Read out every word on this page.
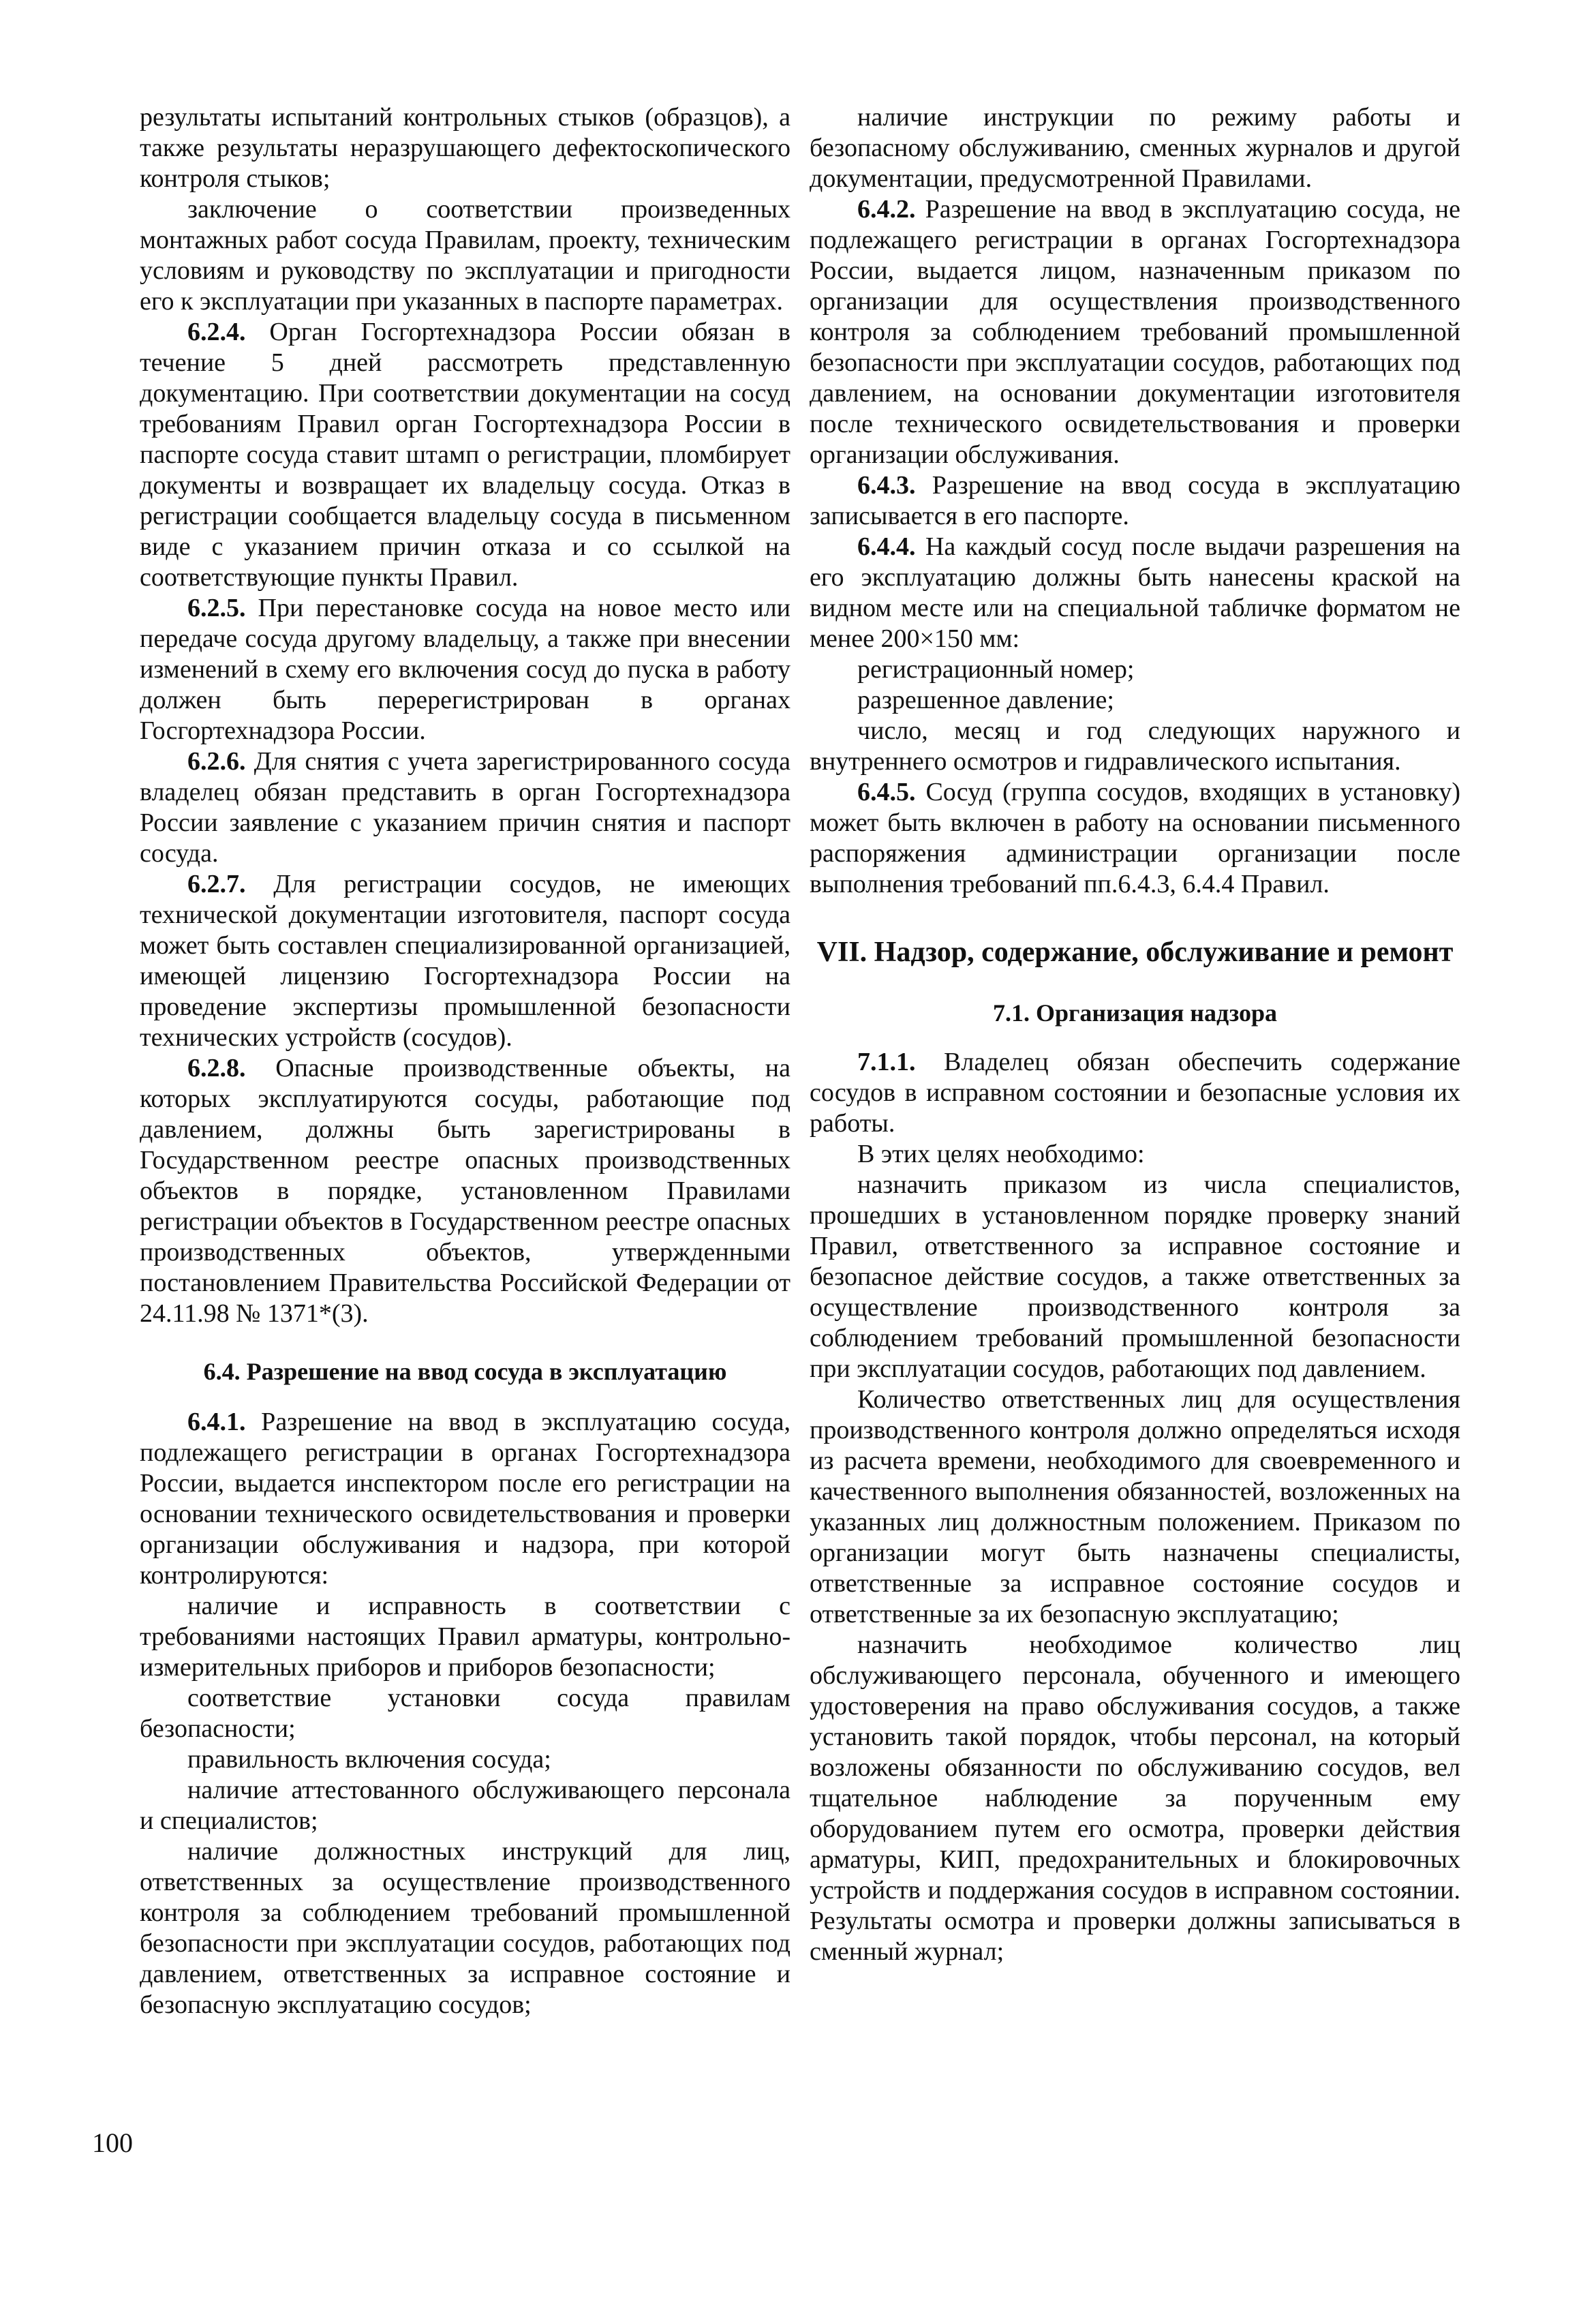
результаты испытаний контрольных стыков (образцов), а также результаты неразрушающего дефектоскопического контроля стыков;

заключение о соответствии произведенных монтажных работ сосуда Правилам, проекту, техническим условиям и руководству по эксплуатации и пригодности его к эксплуатации при указанных в паспорте параметрах.

6.2.4. Орган Госгортехнадзора России обязан в течение 5 дней рассмотреть представленную документацию. При соответствии документации на сосуд требованиям Правил орган Госгортехнадзора России в паспорте сосуда ставит штамп о регистрации, пломбирует документы и возвращает их владельцу сосуда. Отказ в регистрации сообщается владельцу сосуда в письменном виде с указанием причин отказа и со ссылкой на соответствующие пункты Правил.

6.2.5. При перестановке сосуда на новое место или передаче сосуда другому владельцу, а также при внесении изменений в схему его включения сосуд до пуска в работу должен быть перерегистрирован в органах Госгортехнадзора России.

6.2.6. Для снятия с учета зарегистрированного сосуда владелец обязан представить в орган Госгортехнадзора России заявление с указанием причин снятия и паспорт сосуда.

6.2.7. Для регистрации сосудов, не имеющих технической документации изготовителя, паспорт сосуда может быть составлен специализированной организацией, имеющей лицензию Госгортехнадзора России на проведение экспертизы промышленной безопасности технических устройств (сосудов).

6.2.8. Опасные производственные объекты, на которых эксплуатируются сосуды, работающие под давлением, должны быть зарегистрированы в Государственном реестре опасных производственных объектов в порядке, установленном Правилами регистрации объектов в Государственном реестре опасных производственных объектов, утвержденными постановлением Правительства Российской Федерации от 24.11.98 № 1371*(3).

6.4. Разрешение на ввод сосуда в эксплуатацию

6.4.1. Разрешение на ввод в эксплуатацию сосуда, подлежащего регистрации в органах Госгортехнадзора России, выдается инспектором после его регистрации на основании технического освидетельствования и проверки организации обслуживания и надзора, при которой контролируются:

наличие и исправность в соответствии с требованиями настоящих Правил арматуры, контрольно-измерительных приборов и приборов безопасности;

соответствие установки сосуда правилам безопасности;

правильность включения сосуда;

наличие аттестованного обслуживающего персонала и специалистов;

наличие должностных инструкций для лиц, ответственных за осуществление производственного контроля за соблюдением требований промышленной безопасности при эксплуатации сосудов, работающих под давлением, ответственных за исправное состояние и безопасную эксплуатацию сосудов;

наличие инструкции по режиму работы и безопасному обслуживанию, сменных журналов и другой документации, предусмотренной Правилами.

6.4.2. Разрешение на ввод в эксплуатацию сосуда, не подлежащего регистрации в органах Госгортехнадзора России, выдается лицом, назначенным приказом по организации для осуществления производственного контроля за соблюдением требований промышленной безопасности при эксплуатации сосудов, работающих под давлением, на основании документации изготовителя после технического освидетельствования и проверки организации обслуживания.

6.4.3. Разрешение на ввод сосуда в эксплуатацию записывается в его паспорте.

6.4.4. На каждый сосуд после выдачи разрешения на его эксплуатацию должны быть нанесены краской на видном месте или на специальной табличке форматом не менее 200×150 мм:

регистрационный номер;

разрешенное давление;

число, месяц и год следующих наружного и внутреннего осмотров и гидравлического испытания.

6.4.5. Сосуд (группа сосудов, входящих в установку) может быть включен в работу на основании письменного распоряжения администрации организации после выполнения требований пп.6.4.3, 6.4.4 Правил.

VII. Надзор, содержание, обслуживание и ремонт

7.1. Организация надзора

7.1.1. Владелец обязан обеспечить содержание сосудов в исправном состоянии и безопасные условия их работы.

В этих целях необходимо:

назначить приказом из числа специалистов, прошедших в установленном порядке проверку знаний Правил, ответственного за исправное состояние и безопасное действие сосудов, а также ответственных за осуществление производственного контроля за соблюдением требований промышленной безопасности при эксплуатации сосудов, работающих под давлением.

Количество ответственных лиц для осуществления производственного контроля должно определяться исходя из расчета времени, необходимого для своевременного и качественного выполнения обязанностей, возложенных на указанных лиц должностным положением. Приказом по организации могут быть назначены специалисты, ответственные за исправное состояние сосудов и ответственные за их безопасную эксплуатацию;

назначить необходимое количество лиц обслуживающего персонала, обученного и имеющего удостоверения на право обслуживания сосудов, а также установить такой порядок, чтобы персонал, на который возложены обязанности по обслуживанию сосудов, вел тщательное наблюдение за порученным ему оборудованием путем его осмотра, проверки действия арматуры, КИП, предохранительных и блокировочных устройств и поддержания сосудов в исправном состоянии. Результаты осмотра и проверки должны записываться в сменный журнал;

100
